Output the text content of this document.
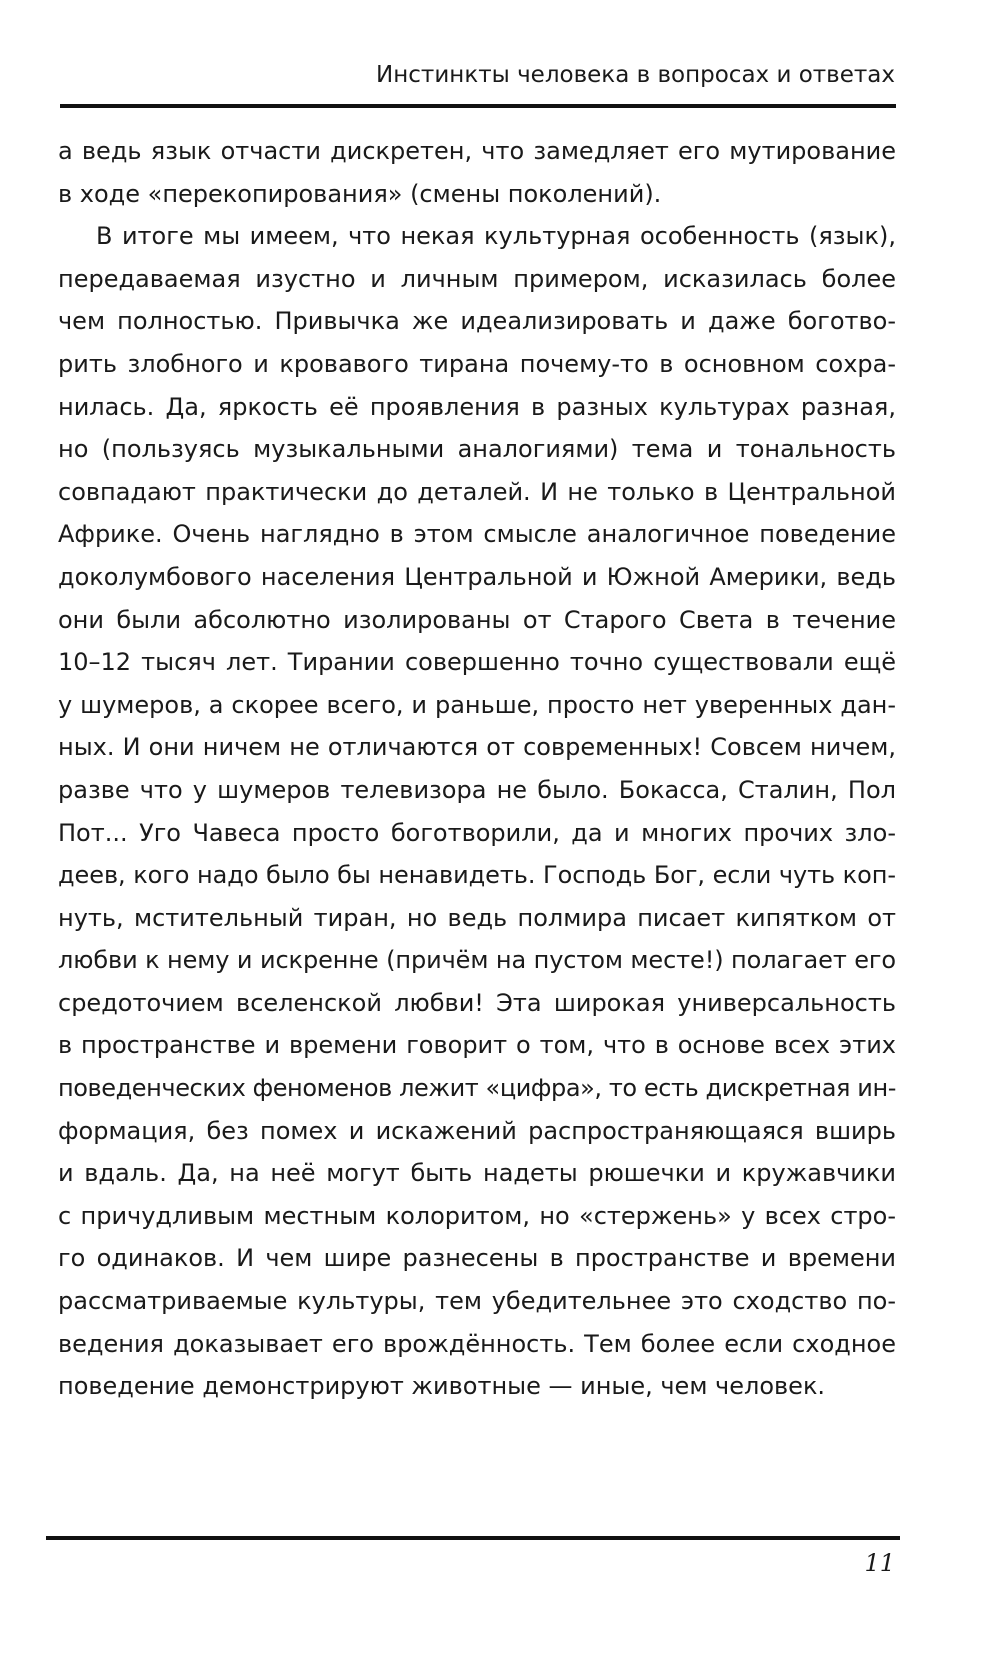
Инстинкты человека в вопросах и ответах
а ведь язык отчасти дискретен, что замедляет его мутирование
в ходе «перекопирования» (смены поколений).
В итоге мы имеем, что некая культурная особенность (язык),
передаваемая изустно и личным примером, исказилась более
чем полностью. Привычка же идеализировать и даже боготво-
рить злобного и кровавого тирана почему-то в основном сохра-
нилась. Да, яркость её проявления в разных культурах разная,
но (пользуясь музыкальными аналогиями) тема и тональность
совпадают практически до деталей. И не только в Центральной
Африке. Очень наглядно в этом смысле аналогичное поведение
доколумбового населения Центральной и Южной Америки, ведь
они были абсолютно изолированы от Старого Света в течение
10–12 тысяч лет. Тирании совершенно точно существовали ещё
у шумеров, а скорее всего, и раньше, просто нет уверенных дан-
ных. И они ничем не отличаются от современных! Совсем ничем,
разве что у шумеров телевизора не было. Бокасса, Сталин, Пол
Пот... Уго Чавеса просто боготворили, да и многих прочих зло-
деев, кого надо было бы ненавидеть. Господь Бог, если чуть коп-
нуть, мстительный тиран, но ведь полмира писает кипятком от
любви к нему и искренне (причём на пустом месте!) полагает его
средоточием вселенской любви! Эта широкая универсальность
в пространстве и времени говорит о том, что в основе всех этих
поведенческих феноменов лежит «цифра», то есть дискретная ин-
формация, без помех и искажений распространяющаяся вширь
и вдаль. Да, на неё могут быть надеты рюшечки и кружавчики
с причудливым местным колоритом, но «стержень» у всех стро-
го одинаков. И чем шире разнесены в пространстве и времени
рассматриваемые культуры, тем убедительнее это сходство по-
ведения доказывает его врождённость. Тем более если сходное
поведение демонстрируют животные — иные, чем человек.
11
